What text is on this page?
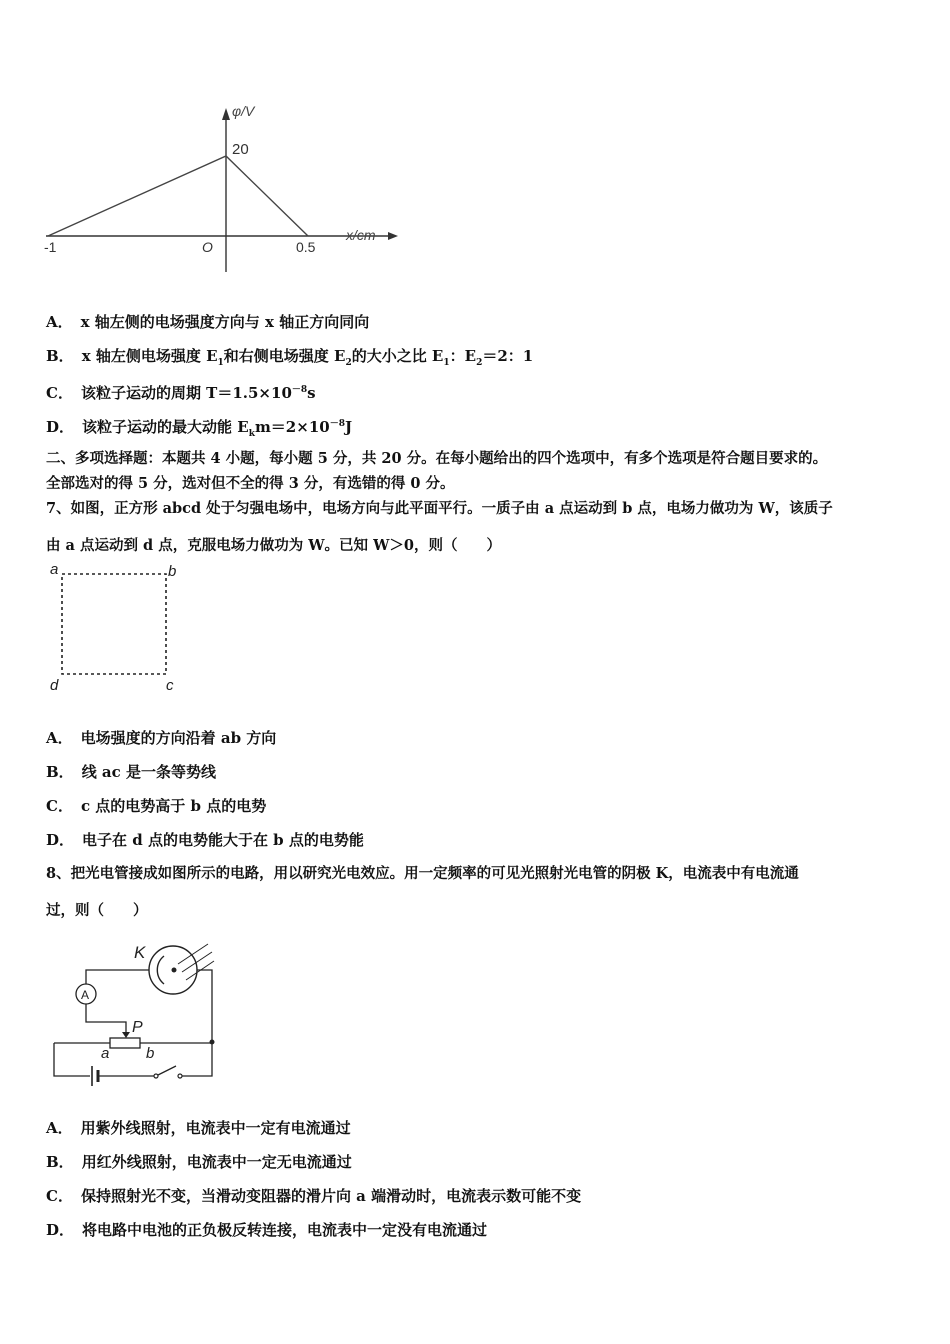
φ/V
20
O
-1	0.5
x/cm
A． x 轴左侧的电场强度方向与 x 轴正方向同向
B． x 轴左侧电场强度 $E_1$和右侧电场强度 $E_2$的大小之比 $E_1$：$E_2=2$：1
C． 该粒子运动的周期 $T=1.5\times 10^{-8}s$
D． 该粒子运动的最大动能 $E_km=2\times 10^{-8}J$
二、多项选择题：本题共 4 小题，每小题 5 分，共 20 分。在每小题给出的四个选项中，有多个选项是符合题目要求的。
全部选对的得 5 分，选对但不全的得 3 分，有选错的得 0 分。
7、如图，正方形 abcd 处于匀强电场中，电场方向与此平面平行。一质子由 a 点运动到 b 点，电场力做功为 W，该质子
由 a 点运动到 d 点，克服电场力做功为 W。已知 W＞0，则（　　）
a	b
c
d
A． 电场强度的方向沿着 ab 方向
B． 线 ac 是一条等势线
C． c 点的电势高于 b 点的电势
D． 电子在 d 点的电势能大于在 b 点的电势能
8、把光电管接成如图所示的电路，用以研究光电效应。用一定频率的可见光照射光电管的阴极 K，电流表中有电流通
过，则（　　）
K
A
P
a b
A． 用紫外线照射，电流表中一定有电流通过
B． 用红外线照射，电流表中一定无电流通过
C． 保持照射光不变，当滑动变阻器的滑片向 a 端滑动时，电流表示数可能不变
D． 将电路中电池的正负极反转连接，电流表中一定没有电流通过
